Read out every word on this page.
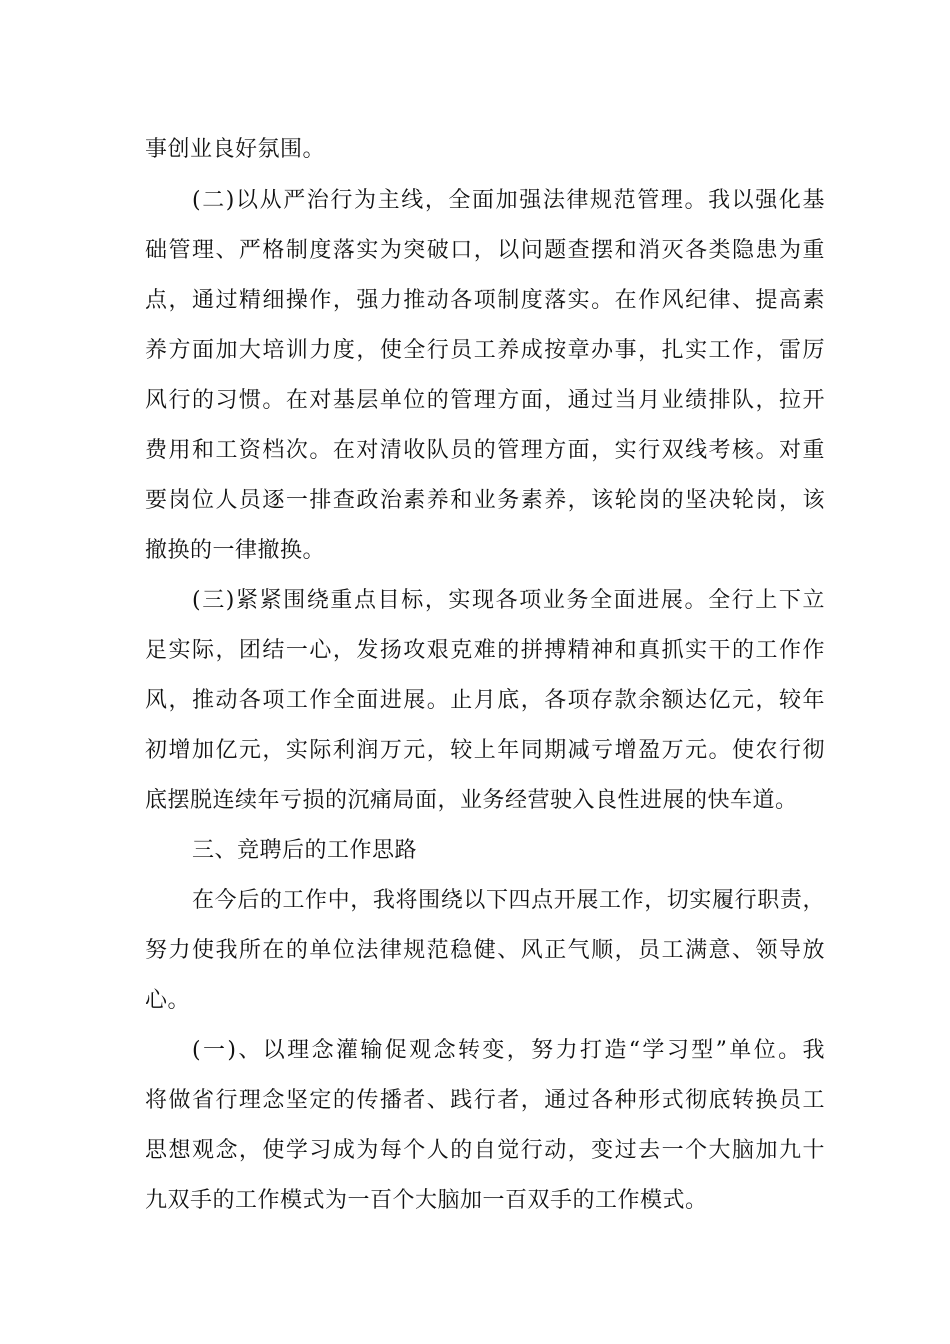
事创业良好氛围。
(二)以从严治行为主线，全面加强法律规范管理。我以强化基
础管理、严格制度落实为突破口，以问题查摆和消灭各类隐患为重
点，通过精细操作，强力推动各项制度落实。在作风纪律、提高素
养方面加大培训力度，使全行员工养成按章办事，扎实工作，雷厉
风行的习惯。在对基层单位的管理方面，通过当月业绩排队，拉开
费用和工资档次。在对清收队员的管理方面，实行双线考核。对重
要岗位人员逐一排查政治素养和业务素养，该轮岗的坚决轮岗，该
撤换的一律撤换。
(三)紧紧围绕重点目标，实现各项业务全面进展。全行上下立
足实际，团结一心，发扬攻艰克难的拼搏精神和真抓实干的工作作
风，推动各项工作全面进展。止月底，各项存款余额达亿元，较年
初增加亿元，实际利润万元，较上年同期减亏增盈万元。使农行彻
底摆脱连续年亏损的沉痛局面，业务经营驶入良性进展的快车道。
三、竞聘后的工作思路
在今后的工作中，我将围绕以下四点开展工作，切实履行职责，
努力使我所在的单位法律规范稳健、风正气顺，员工满意、领导放
心。
(一)、以理念灌输促观念转变，努力打造“学习型”单位。我
将做省行理念坚定的传播者、践行者，通过各种形式彻底转换员工
思想观念，使学习成为每个人的自觉行动，变过去一个大脑加九十
九双手的工作模式为一百个大脑加一百双手的工作模式。
